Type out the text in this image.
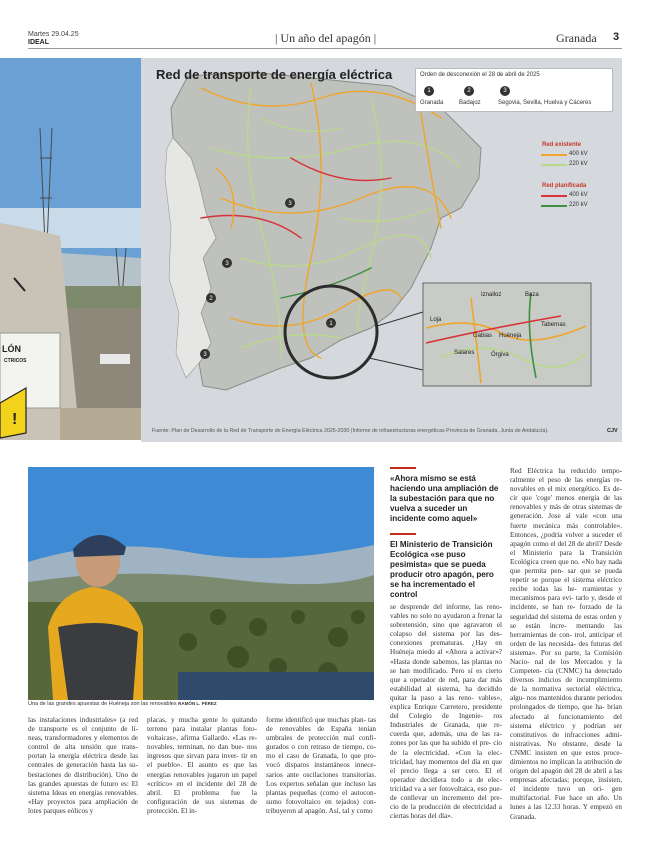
Martes 29.04.25
IDEAL	| Un año del apagón |	Granada 3
!
LÓN
CTRICOS
3
3
2
3
1
Red de transporte de energía eléctrica
Iznalloz	Baza
Loja
Tabernas
Gabias Huéneja
Salares	Órgiva
Red existente
400 kV
220 kV
Red planificada
400 kV
220 kV
Orden de desconexión el 28 de abril de 2025
1
Granada
2
Badajoz
3
Segovia, Sevilla, Huelva y Cáceres
Fuente: Plan de Desarrollo de la Red de Transporte de Energía Eléctrica 2025-2030 (Informe de infraestructuras energéticas Provincia de Granada, Junta de Andalucía).	CJV
Una de las grandes apuestas de Huéneja son las renovables RAMÓN L. PÉREZ

las instalaciones industriales» (a red de transporte es el conjunto de lí- neas, transformadores y elementos de control de alta tensión que trans- portan la energía eléctrica desde las centrales de generación hasta las su- bestaciones de distribución). Uno de las grandes apuestas de futuro es: El sistema Ideas en energías renovables. «Hay proyectos para ampliación de lotes parques eólicos y

placas, y mucha gente lo quitando terreno para instalar plantas foto- voltaicas», afirma Gallardo. «Las re- novables, terminan, no dan bue- nos ingresos que sirvan para inver- tir en el pueblo». El asunto es que las energías renovables jugaron un papel «crítico» en el incidente del 28 de abril. El problema fue la configuración de sus sistemas de protección. El in-

forme identificó que muchas plan- tas de renovables de España tenían umbrales de protección mal confi- gurados o con retraso de tiempo, co- mo el caso de Granada, lo que pro- vocó disparos instantáneos innece- sarios ante oscilaciones transitorias. Los expertos señalan que incluso las plantas pequeñas (como el autocon- sumo fotovoltaico en tejados) con- tribuyeron al apagón. Así, tal y como

«Ahora mismo se está haciendo una ampliación de la subestación para que no vuelva a suceder un incidente como aquel»
El Ministerio de Transición Ecológica «se puso pesimista» que se pueda producir otro apagón, pero se ha incrementado el control

se desprende del informe, las reno- vables no solo no ayudaron a frenar la sobretensión, sino que agravaron el colapso del sistema por las des- conexiones prematuras. ¿Hay en Huéneja miedo al «Ahora a activar»? «Hasta donde sabemos, las plantas no se han modificado. Pero sí es cierto que a operador de red, para dar más estabilidad al sistema, ha decidido quitar la paso a las reno- vables», explica Enrique Carretero, presidente del Colegio de Ingenie- ros Industriales de Granada, que re- cuerda que, además, una de las ra- zones por las que ha subido el pre- cio de la electricidad. «Con la elec- tricidad, hay momentos del día en que el precio llega a ser cero. El el operador decidiera todo a de elec- tricidad va a ser fotovoltaica, eso pue- de conllevar un incremento del pre- cio de la producción de electricidad a ciertas horas del día».

Red Eléctrica ha reducido tempo- ralmente el peso de las energías re- novables en el mix energético. Es de- cir que 'coge' menos energía de las renovables y más de otras sistemas de generación. Jose al vale «con una fuerte mecánica más controlable». Entonces, ¿podría volver a suceder el apagón como el del 28 de abril? Desde el Ministerio para la Transición Ecológica creen que no. «No hay nada que permita pen- sar que se pueda repetir se porque el sistema eléctrico recibe todas las he- rramientas y mecanismos para evi- tarlo y, desde el incidente, se han re- forzado de la seguridad del sistema de estas orden y se están incre- mentando las herramientas de con- trol, anticipar el orden de las necesida- des futuras del sistema». Por su parte, la Comisión Nacio- nal de los Mercados y la Competen- cia (CNMC) ha detectado diversos indicios de incumplimiento de la normativa sectorial eléctrica, algu- nos mantenidos durante periodos prolongados de tiempo, que ha- brían afectado al funcionamiento del sistema eléctrico y podrían ser constitutivos de infracciones admi- nistrativas. No obstante, desde la CNMC insisten en que estos proce- dimientos no implican la atribución de origen del apagón del 28 de abril a las empresas afectadas; porque, insisten, el incidente tuvo un ori- gen multifactorial. Fue hace un año. Un lunes a las 12.33 horas. Y empezó en Granada.
